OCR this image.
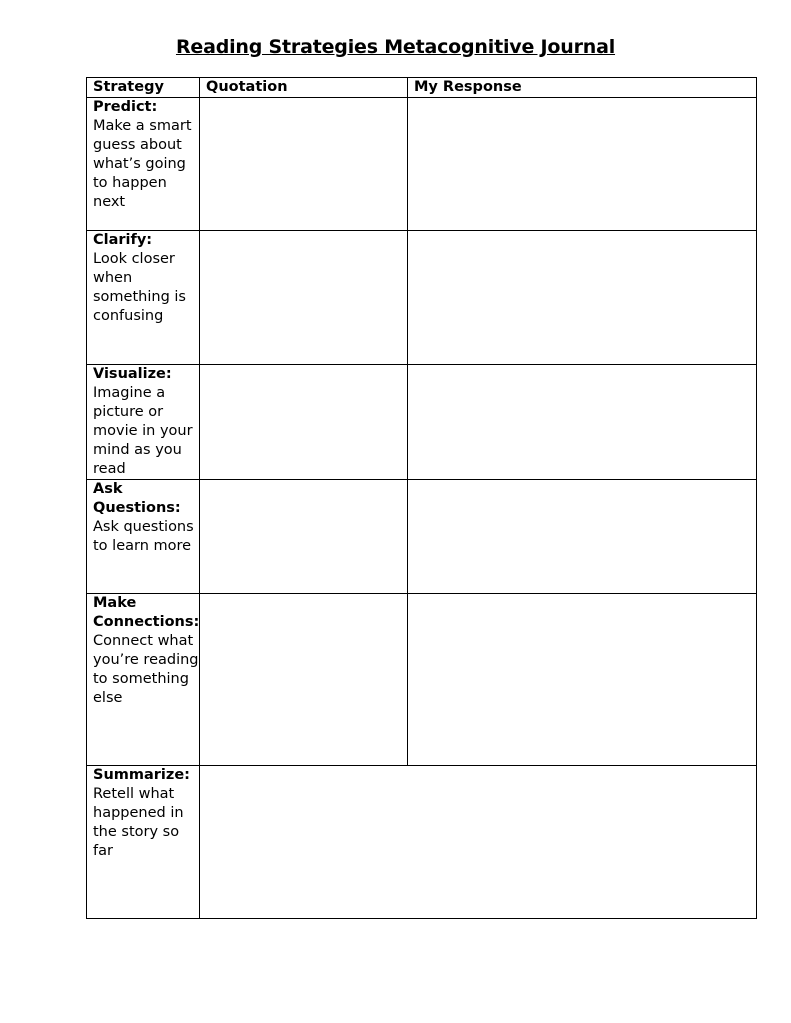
Reading Strategies Metacognitive Journal
Strategy	Quotation	My Response

Predict:
Make a smart guess about what’s going to happen next		

Clarify:
Look closer when something is confusing		

Visualize:
Imagine a picture or movie in your mind as you read		

Ask Questions:
Ask questions to learn more		

Make Connections:
Connect what you’re reading to something else		

Summarize:
Retell what happened in the story so far		
